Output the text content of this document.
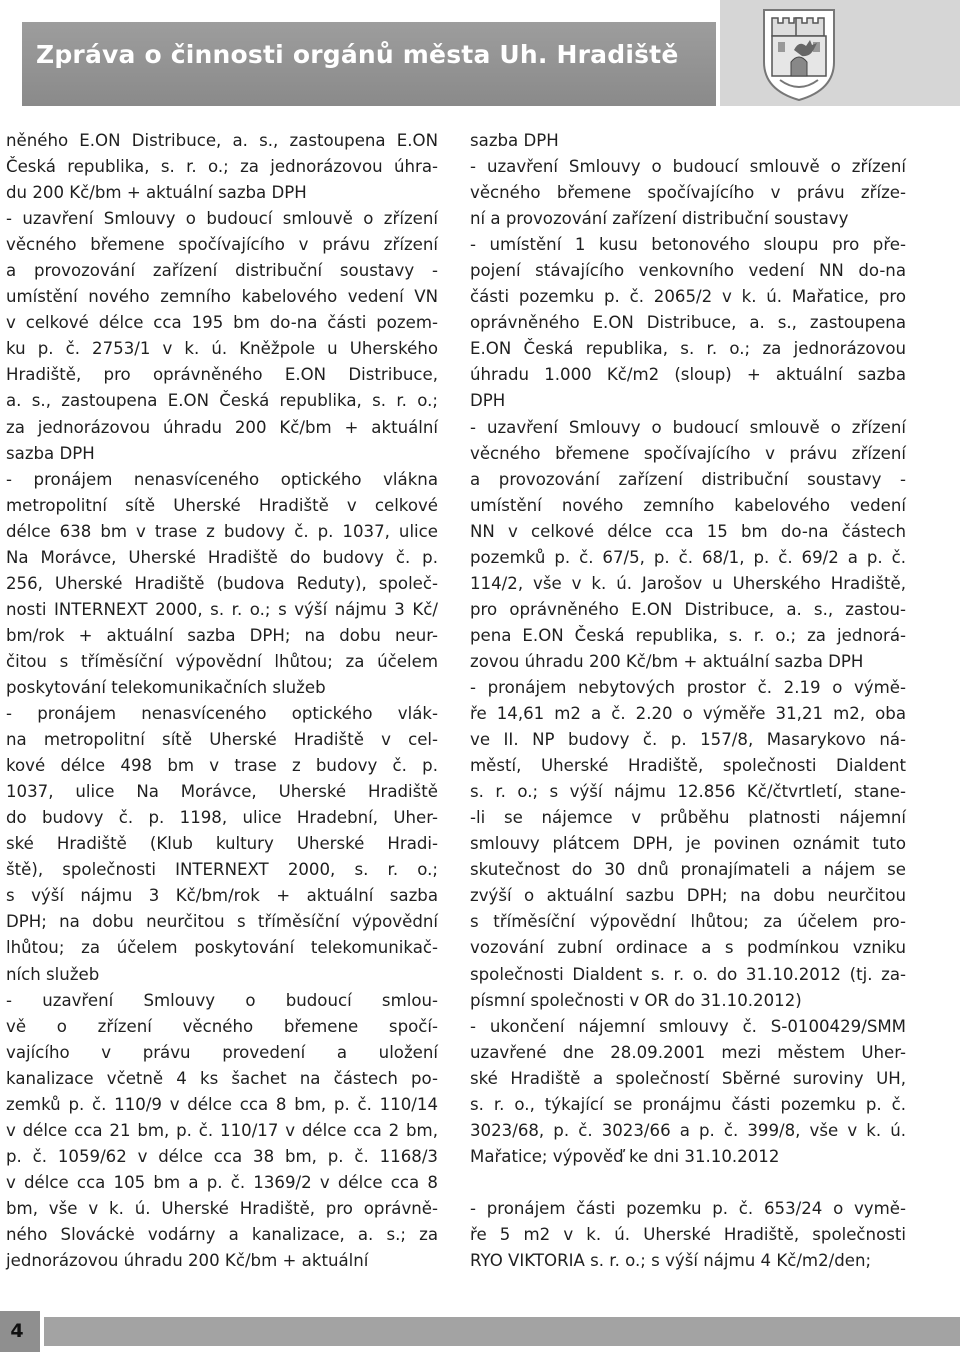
Zpráva o činnosti orgánů města Uh. Hradiště
něného E.ON Distribuce, a. s., zastoupena E.ON
Česká republika, s. r. o.; za jednorázovou úhra-
du 200 Kč/bm + aktuální sazba DPH
- uzavření Smlouvy o budoucí smlouvě o zřízení
věcného břemene spočívajícího v právu zřízení
a provozování zařízení distribuční soustavy -
umístění nového zemního kabelového vedení VN
v celkové délce cca 195 bm do-na části pozem-
ku p. č. 2753/1 v k. ú. Kněžpole u Uherského
Hradiště, pro oprávněného E.ON Distribuce,
a. s., zastoupena E.ON Česká republika, s. r. o.;
za jednorázovou úhradu 200 Kč/bm + aktuální
sazba DPH
- pronájem nenasvíceného optického vlákna
metropolitní sítě Uherské Hradiště v celkové
délce 638 bm v trase z budovy č. p. 1037, ulice
Na Morávce, Uherské Hradiště do budovy č. p.
256, Uherské Hradiště (budova Reduty), společ-
nosti INTERNEXT 2000, s. r. o.; s výší nájmu 3 Kč/
bm/rok + aktuální sazba DPH; na dobu neur-
čitou s tříměsíční výpovědní lhůtou; za účelem
poskytování telekomunikačních služeb
- pronájem nenasvíceného optického vlák-
na metropolitní sítě Uherské Hradiště v cel-
kové délce 498 bm v trase z budovy č. p.
1037, ulice Na Morávce, Uherské Hradiště
do budovy č. p. 1198, ulice Hradební, Uher-
ské Hradiště (Klub kultury Uherské Hradi-
ště), společnosti INTERNEXT 2000, s. r. o.;
s výší nájmu 3 Kč/bm/rok + aktuální sazba
DPH; na dobu neurčitou s tříměsíční výpovědní
lhůtou; za účelem poskytování telekomunikač-
ních služeb
- uzavření Smlouvy o budoucí smlou-
vě o zřízení věcného břemene spočí-
vajícího v právu provedení a uložení
kanalizace včetně 4 ks šachet na částech po-
zemků p. č. 110/9 v délce cca 8 bm, p. č. 110/14
v délce cca 21 bm, p. č. 110/17 v délce cca 2 bm,
p. č. 1059/62 v délce cca 38 bm, p. č. 1168/3
v délce cca 105 bm a p. č. 1369/2 v délce cca 8
bm, vše v k. ú. Uherské Hradiště, pro oprávně-
ného Slováckė vodárny a kanalizace, a. s.; za
jednorázovou úhradu 200 Kč/bm + aktuální
sazba DPH
- uzavření Smlouvy o budoucí smlouvě o zřízení
věcného břemene spočívajícího v právu zříze-
ní a provozování zařízení distribuční soustavy
- umístění 1 kusu betonového sloupu pro pře-
pojení stávajícího venkovního vedení NN do-na
části pozemku p. č. 2065/2 v k. ú. Mařatice, pro
oprávněného E.ON Distribuce, a. s., zastoupena
E.ON Česká republika, s. r. o.; za jednorázovou
úhradu 1.000 Kč/m2 (sloup) + aktuální sazba
DPH
- uzavření Smlouvy o budoucí smlouvě o zřízení
věcného břemene spočívajícího v právu zřízení
a provozování zařízení distribuční soustavy -
umístění nového zemního kabelového vedení
NN v celkové délce cca 15 bm do-na částech
pozemků p. č. 67/5, p. č. 68/1, p. č. 69/2 a p. č.
114/2, vše v k. ú. Jarošov u Uherského Hradiště,
pro oprávněného E.ON Distribuce, a. s., zastou-
pena E.ON Česká republika, s. r. o.; za jednorá-
zovou úhradu 200 Kč/bm + aktuální sazba DPH
- pronájem nebytových prostor č. 2.19 o výmě-
ře 14,61 m2 a č. 2.20 o výměře 31,21 m2, oba
ve II. NP budovy č. p. 157/8, Masarykovo ná-
městí, Uherské Hradiště, společnosti Dialdent
s. r. o.; s výší nájmu 12.856 Kč/čtvrtletí, stane-
-li se nájemce v průběhu platnosti nájemní
smlouvy plátcem DPH, je povinen oznámit tuto
skutečnost do 30 dnů pronajímateli a nájem se
zvýší o aktuální sazbu DPH; na dobu neurčitou
s tříměsíční výpovědní lhůtou; za účelem pro-
vozování zubní ordinace a s podmínkou vzniku
společnosti Dialdent s. r. o. do 31.10.2012 (tj. za-
písmní společnosti v OR do 31.10.2012)
- ukončení nájemní smlouvy č. S-0100429/SMM
uzavřené dne 28.09.2001 mezi městem Uher-
ské Hradiště a společností Sběrné suroviny UH,
s. r. o., týkající se pronájmu části pozemku p. č.
3023/68, p. č. 3023/66 a p. č. 399/8, vše v k. ú.
Mařatice; výpověď ke dni 31.10.2012
- pronájem části pozemku p. č. 653/24 o vymě-
ře 5 m2 v k. ú. Uherské Hradiště, společnosti
RYO VIKTORIA s. r. o.; s výší nájmu 4 Kč/m2/den;
4
